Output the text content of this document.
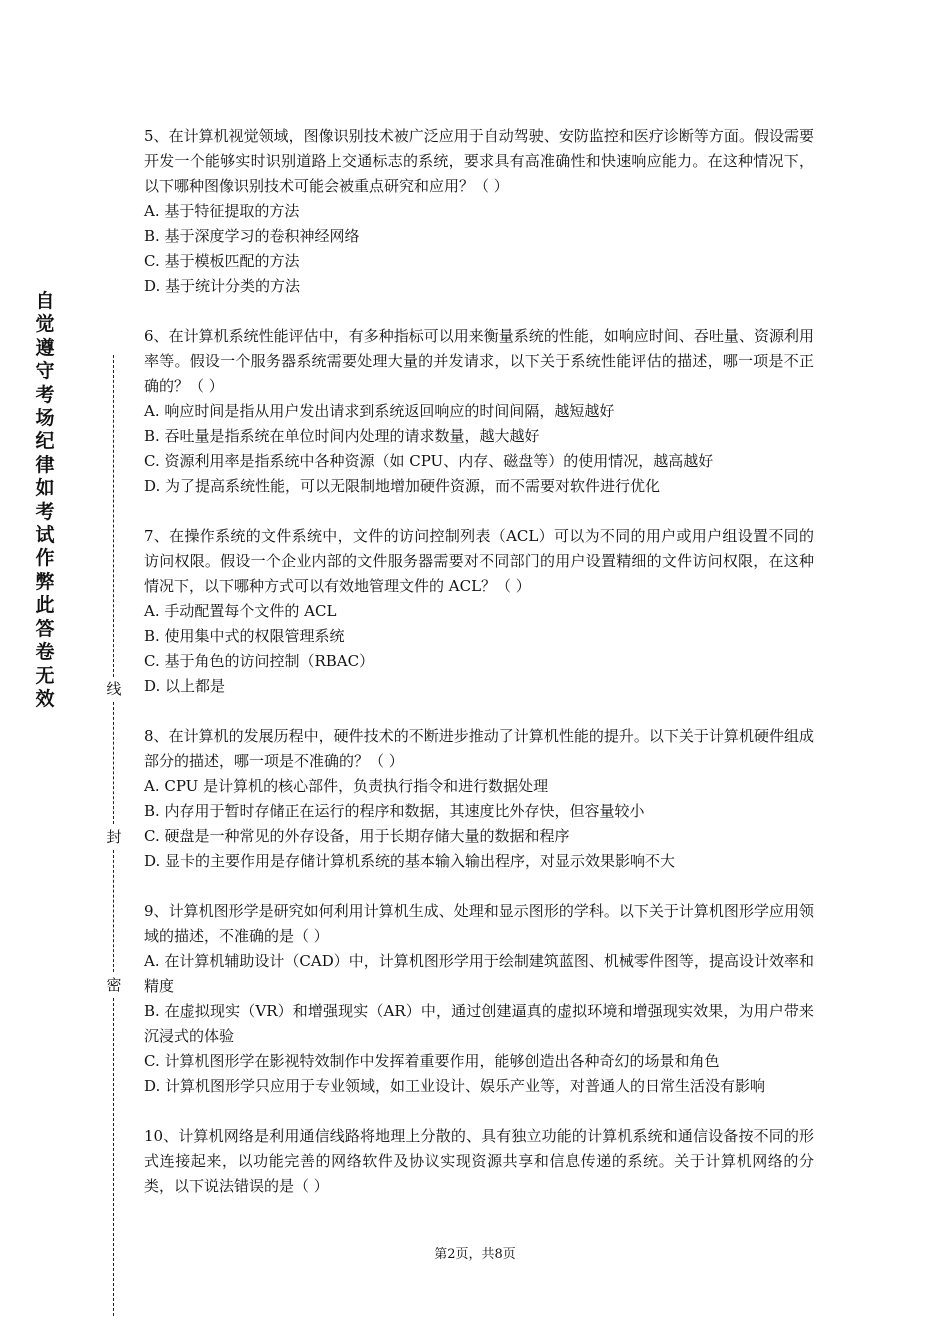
自觉遵守考场纪律如考试作弊此答卷无效	线
封
密

5、在计算机视觉领域，图像识别技术被广泛应用于自动驾驶、安防监控和医疗诊断等方面。假设需要开发一个能够实时识别道路上交通标志的系统，要求具有高准确性和快速响应能力。在这种情况下，以下哪种图像识别技术可能会被重点研究和应用？（ ）

A. 基于特征提取的方法

B. 基于深度学习的卷积神经网络

C. 基于模板匹配的方法

D. 基于统计分类的方法

6、在计算机系统性能评估中，有多种指标可以用来衡量系统的性能，如响应时间、吞吐量、资源利用率等。假设一个服务器系统需要处理大量的并发请求，以下关于系统性能评估的描述，哪一项是不正确的？（ ）

A. 响应时间是指从用户发出请求到系统返回响应的时间间隔，越短越好

B. 吞吐量是指系统在单位时间内处理的请求数量，越大越好

C. 资源利用率是指系统中各种资源（如 CPU、内存、磁盘等）的使用情况，越高越好

D. 为了提高系统性能，可以无限制地增加硬件资源，而不需要对软件进行优化

7、在操作系统的文件系统中，文件的访问控制列表（ACL）可以为不同的用户或用户组设置不同的访问权限。假设一个企业内部的文件服务器需要对不同部门的用户设置精细的文件访问权限，在这种情况下，以下哪种方式可以有效地管理文件的 ACL？（ ）

A. 手动配置每个文件的 ACL

B. 使用集中式的权限管理系统

C. 基于角色的访问控制（RBAC）

D. 以上都是

8、在计算机的发展历程中，硬件技术的不断进步推动了计算机性能的提升。以下关于计算机硬件组成部分的描述，哪一项是不准确的？（ ）

A. CPU 是计算机的核心部件，负责执行指令和进行数据处理

B. 内存用于暂时存储正在运行的程序和数据，其速度比外存快，但容量较小

C. 硬盘是一种常见的外存设备，用于长期存储大量的数据和程序

D. 显卡的主要作用是存储计算机系统的基本输入输出程序，对显示效果影响不大

9、计算机图形学是研究如何利用计算机生成、处理和显示图形的学科。以下关于计算机图形学应用领域的描述，不准确的是（ ）

A. 在计算机辅助设计（CAD）中，计算机图形学用于绘制建筑蓝图、机械零件图等，提高设计效率和精度

B. 在虚拟现实（VR）和增强现实（AR）中，通过创建逼真的虚拟环境和增强现实效果，为用户带来沉浸式的体验

C. 计算机图形学在影视特效制作中发挥着重要作用，能够创造出各种奇幻的场景和角色

D. 计算机图形学只应用于专业领域，如工业设计、娱乐产业等，对普通人的日常生活没有影响

10、计算机网络是利用通信线路将地理上分散的、具有独立功能的计算机系统和通信设备按不同的形式连接起来，以功能完善的网络软件及协议实现资源共享和信息传递的系统。关于计算机网络的分类，以下说法错误的是（ ）

第2页，共8页
